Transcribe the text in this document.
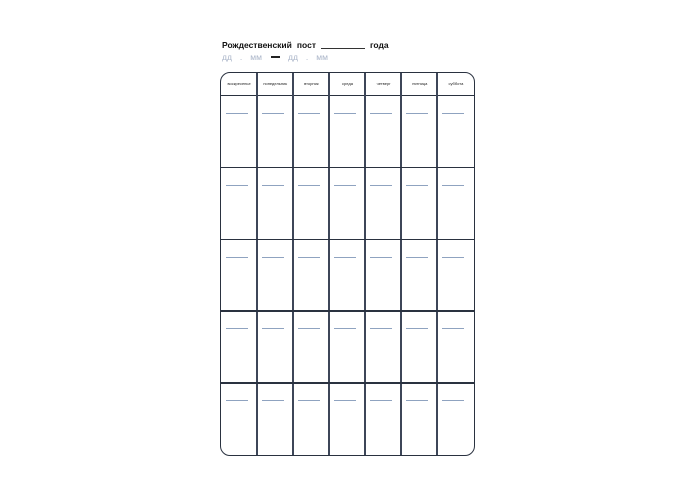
Рождественский пост	года
дд . мм	дд . мм
воскресенье	понедельник	вторник	среда	четверг	пятница	суббота
